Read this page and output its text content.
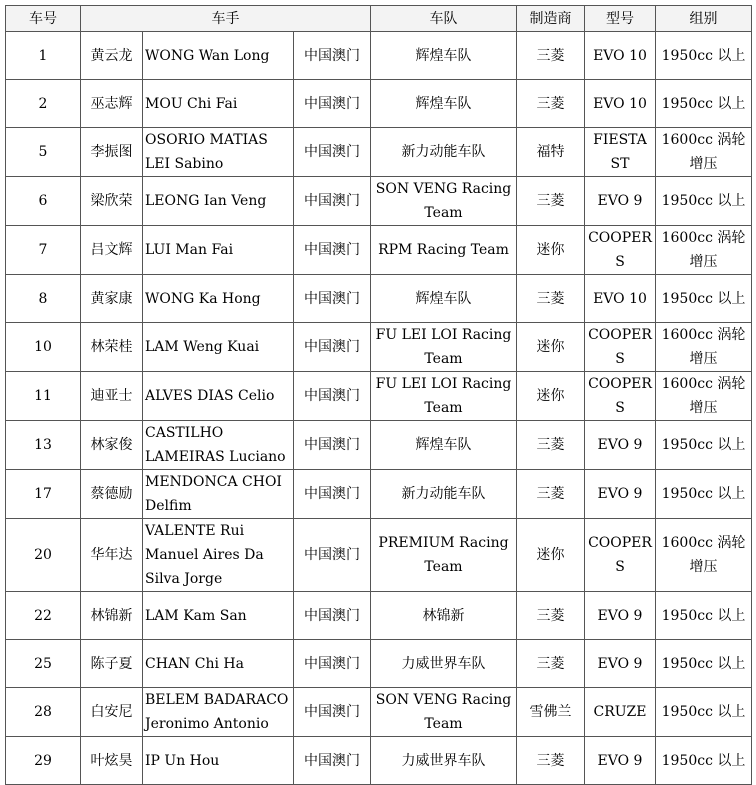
车号	车手			车队	制造商	型号	组别
1	黄云龙	WONG Wan Long	中国澳门	辉煌车队	三菱	EVO 10	1950cc 以上
2	巫志辉	MOU Chi Fai	中国澳门	辉煌车队	三菱	EVO 10	1950cc 以上
5	李振图	OSORIO MATIAS LEI Sabino	中国澳门	新力动能车队	福特	FIESTA ST	1600cc 涡轮增压
6	梁欣荣	LEONG Ian Veng	中国澳门	SON VENG Racing Team	三菱	EVO 9	1950cc 以上
7	吕文辉	LUI Man Fai	中国澳门	RPM Racing Team	迷你	COOPER S	1600cc 涡轮增压
8	黄家康	WONG Ka Hong	中国澳门	辉煌车队	三菱	EVO 10	1950cc 以上
10	林荣桂	LAM Weng Kuai	中国澳门	FU LEI LOI Racing Team	迷你	COOPER S	1600cc 涡轮增压
11	迪亚士	ALVES DIAS Celio	中国澳门	FU LEI LOI Racing Team	迷你	COOPER S	1600cc 涡轮增压
13	林家俊	CASTILHO LAMEIRAS Luciano	中国澳门	辉煌车队	三菱	EVO 9	1950cc 以上
17	蔡德励	MENDONCA CHOI Delfim	中国澳门	新力动能车队	三菱	EVO 9	1950cc 以上
20	华年达	VALENTE Rui Manuel Aires Da Silva Jorge	中国澳门	PREMIUM Racing Team	迷你	COOPER S	1600cc 涡轮增压
22	林锦新	LAM Kam San	中国澳门	林锦新	三菱	EVO 9	1950cc 以上
25	陈子夏	CHAN Chi Ha	中国澳门	力威世界车队	三菱	EVO 9	1950cc 以上
28	白安尼	BELEM BADARACO Jeronimo Antonio	中国澳门	SON VENG Racing Team	雪佛兰	CRUZE	1950cc 以上
29	叶炫昊	IP Un Hou	中国澳门	力威世界车队	三菱	EVO 9	1950cc 以上
